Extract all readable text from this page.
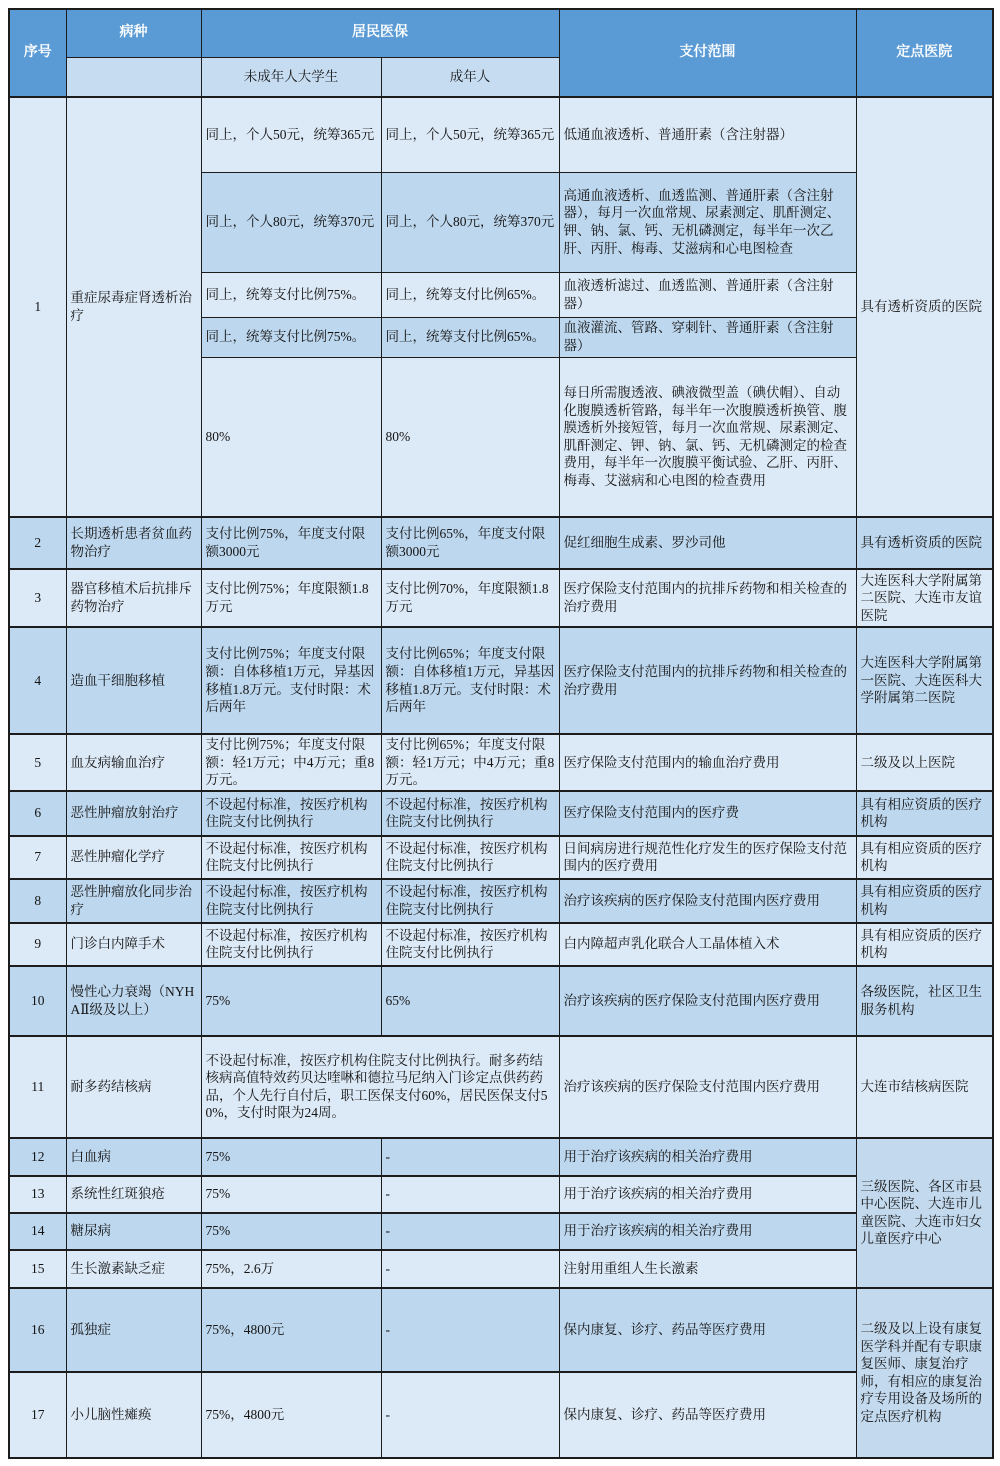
序号	病种	居民医保		支付范围	定点医院
		未成年人大学生	成年人		
1	重症尿毒症肾透析治疗	同上，个人50元，统筹365元	同上，个人50元，统筹365元	低通血液透析、普通肝素（含注射器）	具有透析资质的医院
		同上，个人80元，统筹370元	同上，个人80元，统筹370元	高通血液透析、血透监测、普通肝素（含注射器），每月一次血常规、尿素测定、肌酐测定、钾、钠、氯、钙、无机磷测定，每半年一次乙肝、丙肝、梅毒、艾滋病和心电图检查	
		同上，统筹支付比例75%。	同上，统筹支付比例65%。	血液透析滤过、血透监测、普通肝素（含注射器）	
		同上，统筹支付比例75%。	同上，统筹支付比例65%。	血液灌流、管路、穿刺针、普通肝素（含注射器）	
		80%	80%	每日所需腹透液、碘液微型盖（碘伏帽）、自动化腹膜透析管路，每半年一次腹膜透析换管、腹膜透析外接短管，每月一次血常规、尿素测定、肌酐测定、钾、钠、氯、钙、无机磷测定的检查费用，每半年一次腹膜平衡试验、乙肝、丙肝、梅毒、艾滋病和心电图的检查费用	
2	长期透析患者贫血药物治疗	支付比例75%，年度支付限额3000元	支付比例65%，年度支付限额3000元	促红细胞生成素、罗沙司他	具有透析资质的医院
3	器官移植术后抗排斥药物治疗	支付比例75%；年度限额1.8万元	支付比例70%，年度限额1.8万元	医疗保险支付范围内的抗排斥药物和相关检查的治疗费用	大连医科大学附属第二医院、大连市友谊医院
4	造血干细胞移植	支付比例75%；年度支付限额：自体移植1万元，异基因移植1.8万元。支付时限：术后两年	支付比例65%；年度支付限额：自体移植1万元，异基因移植1.8万元。支付时限：术后两年	医疗保险支付范围内的抗排斥药物和相关检查的治疗费用	大连医科大学附属第一医院、大连医科大学附属第二医院
5	血友病输血治疗	支付比例75%；年度支付限额：轻1万元；中4万元；重8万元。	支付比例65%；年度支付限额：轻1万元；中4万元；重8万元。	医疗保险支付范围内的输血治疗费用	二级及以上医院
6	恶性肿瘤放射治疗	不设起付标准，按医疗机构住院支付比例执行	不设起付标准，按医疗机构住院支付比例执行	医疗保险支付范围内的医疗费	具有相应资质的医疗机构
7	恶性肿瘤化学疗	不设起付标准，按医疗机构住院支付比例执行	不设起付标准，按医疗机构住院支付比例执行	日间病房进行规范性化疗发生的医疗保险支付范围内的医疗费用	具有相应资质的医疗机构
8	恶性肿瘤放化同步治疗	不设起付标准，按医疗机构住院支付比例执行	不设起付标准，按医疗机构住院支付比例执行	治疗该疾病的医疗保险支付范围内医疗费用	具有相应资质的医疗机构
9	门诊白内障手术	不设起付标准，按医疗机构住院支付比例执行	不设起付标准，按医疗机构住院支付比例执行	白内障超声乳化联合人工晶体植入术	具有相应资质的医疗机构
10	慢性心力衰竭（NYHAⅡ级及以上）	75%	65%	治疗该疾病的医疗保险支付范围内医疗费用	各级医院，社区卫生服务机构
11	耐多药结核病	不设起付标准，按医疗机构住院支付比例执行。耐多药结核病高值特效药贝达喹啉和德拉马尼纳入门诊定点供药药品，个人先行自付后，职工医保支付60%，居民医保支付50%，支付时限为24周。		治疗该疾病的医疗保险支付范围内医疗费用	大连市结核病医院
12	白血病	75%	-	用于治疗该疾病的相关治疗费用	三级医院、各区市县中心医院、大连市儿童医院、大连市妇女儿童医疗中心
13	系统性红斑狼疮	75%	-	用于治疗该疾病的相关治疗费用	
14	糖尿病	75%	-	用于治疗该疾病的相关治疗费用	
15	生长激素缺乏症	75%，2.6万	-	注射用重组人生长激素	
16	孤独症	75%，4800元	-	保内康复、诊疗、药品等医疗费用	二级及以上设有康复医学科并配有专职康复医师、康复治疗师，有相应的康复治疗专用设备及场所的定点医疗机构
17	小儿脑性瘫痪	75%，4800元	-	保内康复、诊疗、药品等医疗费用	
